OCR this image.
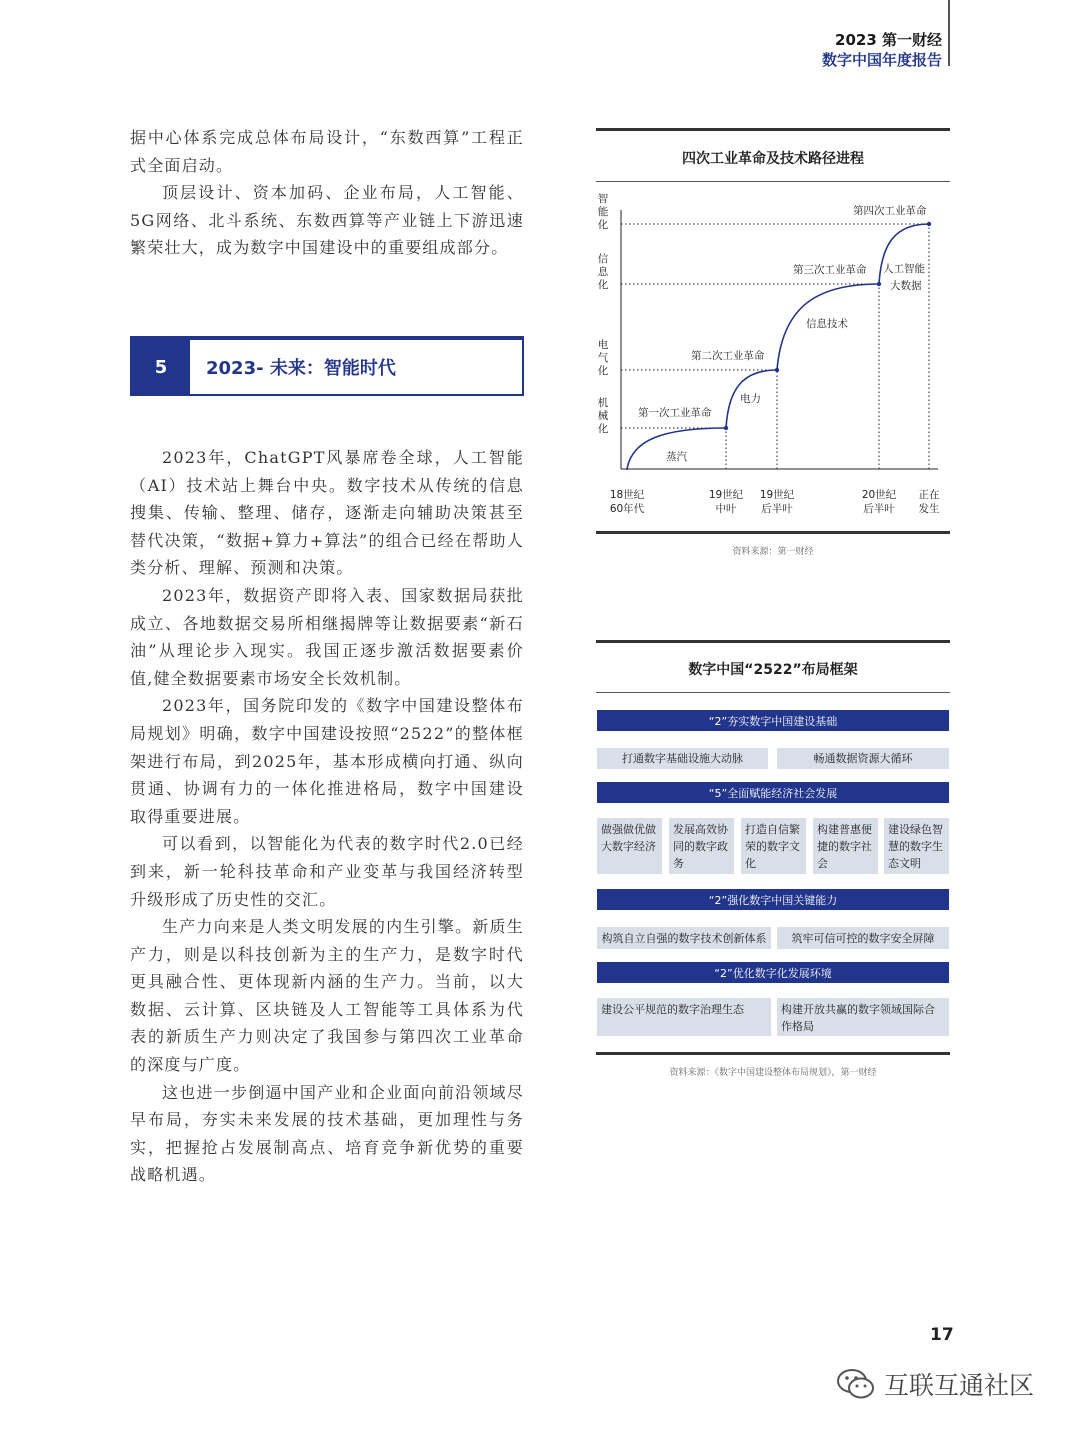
2023 第一财经
数字中国年度报告

据中心体系完成总体布局设计，“东数西算”工程正式全面启动。

顶层设计、资本加码、企业布局，人工智能、5G网络、北斗系统、东数西算等产业链上下游迅速繁荣壮大，成为数字中国建设中的重要组成部分。

5	2023- 未来：智能时代

2023年，ChatGPT风暴席卷全球，人工智能（AI）技术站上舞台中央。数字技术从传统的信息搜集、传输、整理、储存，逐渐走向辅助决策甚至替代决策，“数据+算力+算法”的组合已经在帮助人类分析、理解、预测和决策。

2023年，数据资产即将入表、国家数据局获批成立、各地数据交易所相继揭牌等让数据要素“新石油”从理论步入现实。我国正逐步激活数据要素价值,健全数据要素市场安全长效机制。

2023年，国务院印发的《数字中国建设整体布局规划》明确，数字中国建设按照“2522”的整体框架进行布局，到2025年，基本形成横向打通、纵向贯通、协调有力的一体化推进格局，数字中国建设取得重要进展。

可以看到，以智能化为代表的数字时代2.0已经到来，新一轮科技革命和产业变革与我国经济转型升级形成了历史性的交汇。

生产力向来是人类文明发展的内生引擎。新质生产力，则是以科技创新为主的生产力，是数字时代更具融合性、更体现新内涵的生产力。当前，以大数据、云计算、区块链及人工智能等工具体系为代表的新质生产力则决定了我国参与第四次工业革命的深度与广度。

这也进一步倒逼中国产业和企业面向前沿领域尽早布局，夯实未来发展的技术基础，更加理性与务实，把握抢占发展制高点、培育竞争新优势的重要战略机遇。

四次工业革命及技术路径进程
机
械
化
电
气
化
信
息
化
智
能
化
18世纪
60年代
19世纪
中叶
19世纪
后半叶
20世纪
后半叶
正在
发生
第一次工业革命
第二次工业革命
第三次工业革命
第四次工业革命
蒸汽
电力
信息技术
人工智能
大数据
资料来源：第一财经
数字中国“2522”布局框架
“2”夯实数字中国建设基础
打通数字基础设施大动脉	畅通数据资源大循环
“5”全面赋能经济社会发展
做强做优做大数字经济
发展高效协同的数字政务
打造自信繁荣的数字文化
构建普惠便捷的数字社会
建设绿色智慧的数字生态文明
“2”强化数字中国关键能力
构筑自立自强的数字技术创新体系	筑牢可信可控的数字安全屏障
“2”优化数字化发展环境
建设公平规范的数字治理生态	构建开放共赢的数字领域国际合作格局
资料来源：《数字中国建设整体布局规划》，第一财经
17
互联互通社区
